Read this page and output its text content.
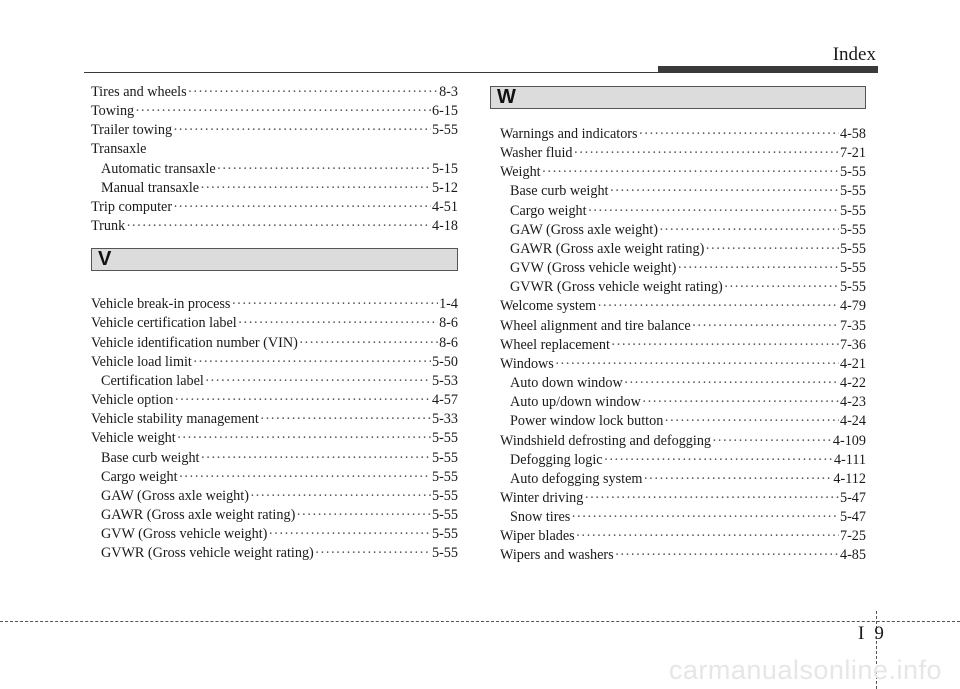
Index
Tires and wheels ·····	8-3
Towing ·····	6-15
Trailer towing ·····	5-55
Transaxle
Automatic transaxle ·····	5-15
Manual transaxle ·····	5-12
Trip computer ·····	4-51
Trunk ·····	4-18
V
Vehicle break-in process ·····	1-4
Vehicle certification label ·····	8-6
Vehicle identification number (VIN) ·····	8-6
Vehicle load limit ·····	5-50
Certification label ·····	5-53
Vehicle option ·····	4-57
Vehicle stability management ·····	5-33
Vehicle weight ·····	5-55
Base curb weight ·····	5-55
Cargo weight ·····	5-55
GAW (Gross axle weight) ·····	5-55
GAWR (Gross axle weight rating) ·····	5-55
GVW (Gross vehicle weight) ·····	5-55
GVWR (Gross vehicle weight rating) ·····	5-55
W
Warnings and indicators ·····	4-58
Washer fluid ·····	7-21
Weight ·····	5-55
Base curb weight ·····	5-55
Cargo weight ·····	5-55
GAW (Gross axle weight) ·····	5-55
GAWR (Gross axle weight rating) ·····	5-55
GVW (Gross vehicle weight) ·····	5-55
GVWR (Gross vehicle weight rating) ·····	5-55
Welcome system ·····	4-79
Wheel alignment and tire balance ·····	7-35
Wheel replacement ·····	7-36
Windows ·····	4-21
Auto down window ·····	4-22
Auto up/down window ·····	4-23
Power window lock button ·····	4-24
Windshield defrosting and defogging ·····	4-109
Defogging logic ·····	4-111
Auto defogging system ·····	4-112
Winter driving ·····	5-47
Snow tires ·····	5-47
Wiper blades ·····	7-25
Wipers and washers ·····	4-85
I 9
carmanualsonline.info
